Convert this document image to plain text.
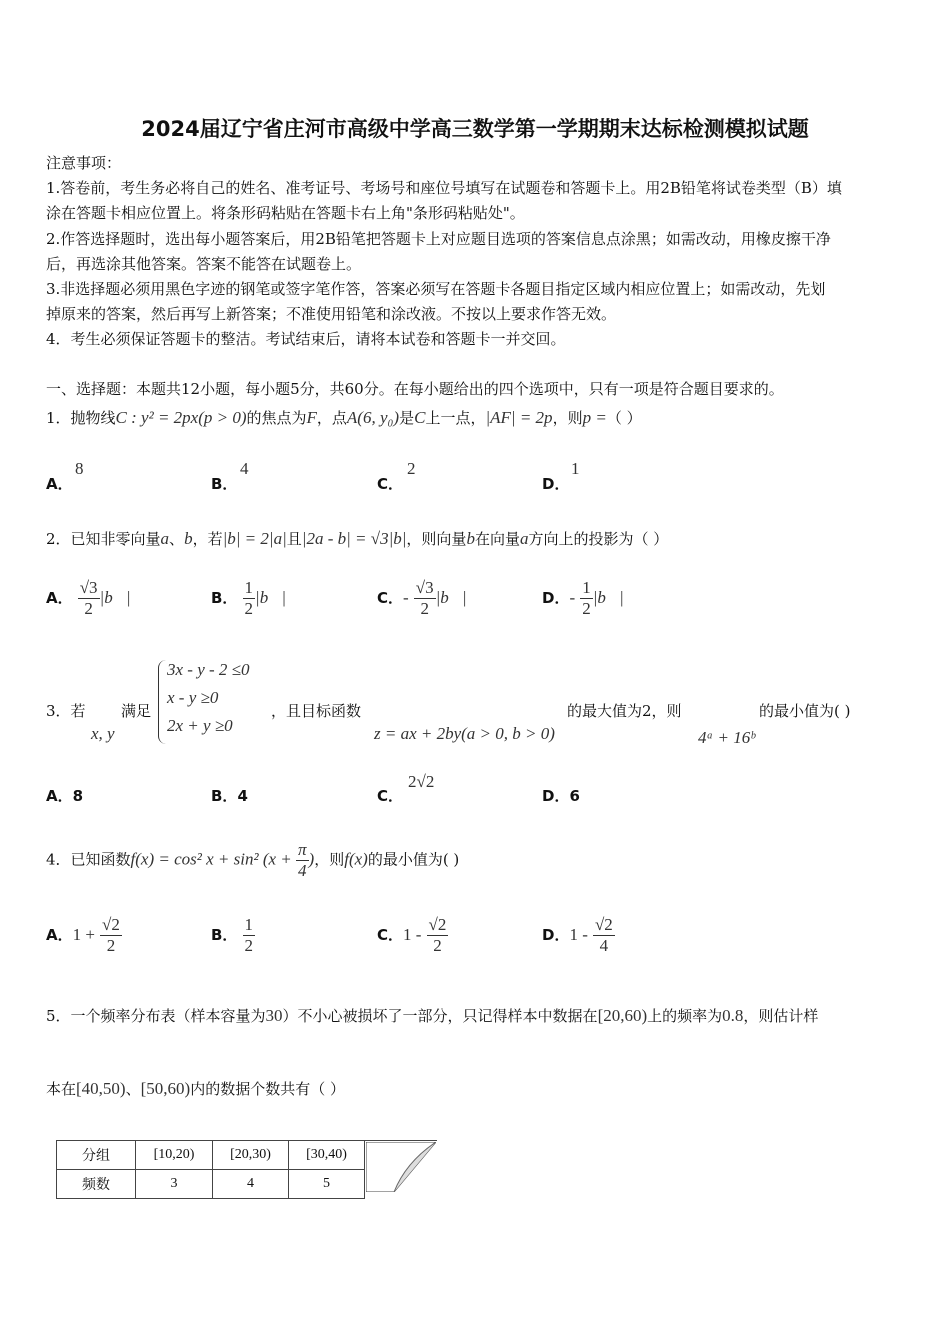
2024届辽宁省庄河市高级中学高三数学第一学期期末达标检测模拟试题
注意事项：
1.答卷前，考生务必将自己的姓名、准考证号、考场号和座位号填写在试题卷和答题卡上。用2B铅笔将试卷类型（B）填
涂在答题卡相应位置上。将条形码粘贴在答题卡右上角"条形码粘贴处"。
2.作答选择题时，选出每小题答案后，用2B铅笔把答题卡上对应题目选项的答案信息点涂黑；如需改动，用橡皮擦干净
后，再选涂其他答案。答案不能答在试题卷上。
3.非选择题必须用黑色字迹的钢笔或签字笔作答，答案必须写在答题卡各题目指定区域内相应位置上；如需改动，先划
掉原来的答案，然后再写上新答案；不准使用铅笔和涂改液。不按以上要求作答无效。
4．考生必须保证答题卡的整洁。考试结束后，请将本试卷和答题卡一并交回。
一、选择题：本题共12小题，每小题5分，共60分。在每小题给出的四个选项中，只有一项是符合题目要求的。
1．抛物线C : y² = 2px(p > 0)的焦点为F，点A(6, y₀)是C上一点，|AF| = 2p，则p =（ ）
A．
8
B．
4
C．
2
D．
1
2．已知非零向量a、b，若|b| = 2|a|且|2a - b| = √3|b|，则向量b在向量a方向上的投影为（ ）
A． $\frac{√3}{2}$ |b⃗|	B． $\frac{1}{2}$ |b⃗|	C．- $\frac{√3}{2}$ |b⃗|	D．- $\frac{1}{2}$ |b⃗|
3．若
x, y
满足
3x - y - 2 ≤0
x - y ≥0
2x + y ≥0
，且目标函数
z = ax + 2by(a > 0, b > 0)
的最大值为2，则
4ᵃ + 16ᵇ
的最小值为( )
A．8	B．4	C．
2√2
D．6
4．已知函数f(x) = cos² x + sin² ($x + \frac{\pi}{4}$ )，则f(x)的最小值为( )
A．$1 + \frac{√2}{2}$	B． $\frac{1}{2}$	C．$1 - \frac{√2}{2}$	D．$1 - \frac{√2}{4}$
5．一个频率分布表（样本容量为30）不小心被损坏了一部分，只记得样本中数据在[20,60)上的频率为0.8，则估计样
本在[40,50)、[50,60)内的数据个数共有（ ）
分组	[10,20)	[20,30)	[30,40)	
频数	3	4	5	
